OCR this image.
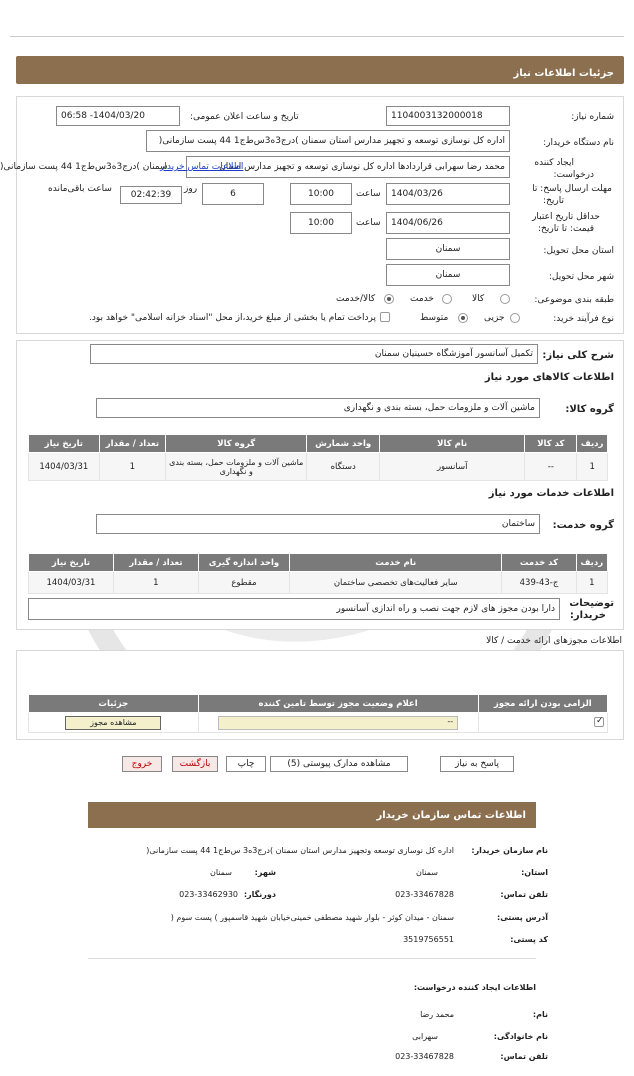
جزئیات اطلاعات نیاز
شماره نیاز:
1104003132000018
تاریخ و ساعت اعلان عمومی:
1404/03/20- 06:58
نام دستگاه خریدار:
اداره کل نوسازی توسعه و تجهیز مدارس استان سمنان )درج3ه3س‌ط‌ج1 44 پست سازمانی(
ایجاد کننده
درخواست:
محمد رضا سهرابی قراردادها اداره کل نوسازی توسعه و تجهیز مدارس استان
سمنان )درج3ه3س‌ط‌ج1 44 پست سازمانی(
اطلاعات تماس خریدار
مهلت ارسال پاسخ: تا
تاریخ:
1404/03/26
ساعت
10:00
6
روز
02:42:39
ساعت باقی‌مانده
حداقل تاریخ اعتبار
قیمت: تا تاریخ:
1404/06/26
ساعت
10:00
استان محل تحویل:
سمنان
شهر محل تحویل:
سمنان
طبقه بندی موضوعی:
کالا
خدمت
کالا/خدمت
نوع فرآیند خرید:
جزیی
متوسط
پرداخت تمام یا بخشی از مبلغ خرید،از محل "اسناد خزانه اسلامی" خواهد بود.
شرح کلی نیاز:
تکمیل آسانسور آموزشگاه حسینیان سمنان
اطلاعات کالاهای مورد نیاز
گروه کالا:
ماشین آلات و ملزومات حمل، بسته بندی و نگهداری
ردیف	کد کالا	نام کالا	واحد شمارش	گروه کالا	تعداد / مقدار	تاریخ نیاز
1	--	آسانسور	دستگاه	ماشین آلات و ملزومات حمل، بسته بندی و نگهداری	1	1404/03/31
اطلاعات خدمات مورد نیاز
گروه خدمت:
ساختمان
ردیف	کد خدمت	نام خدمت	واحد اندازه گیری	تعداد / مقدار	تاریخ نیاز
1	ج-43-439	سایر فعالیت‌های تخصصی ساختمان	مقطوع	1	1404/03/31
توضیحات
خریدار:
دارا بودن مجوز های لازم جهت نصب و راه اندازی آسانسور
اطلاعات مجوزهای ارائه خدمت / کالا
الزامی بودن ارائه مجوز	اعلام وضعیت مجوز توسط تامین کننده	جزئیات

✓	--	مشاهده مجوز
پاسخ به نیاز
مشاهده مدارک پیوستی (5)
چاپ
بازگشت
خروج
اطلاعات تماس سازمان خریدار
نام سازمان خریدار:
اداره کل نوسازی توسعه وتجهیز مدارس استان سمنان )درج3ه3 س‌ط‌ج1 44 پست سازمانی(
استان:
سمنان
شهر:
سمنان
تلفن تماس:
023-33467828
دورنگار:
023-33462930
آدرس پستی:
سمنان - میدان کوثر - بلوار شهید مصطفی خمینی‌خیابان شهید قاسمپور ) پست سوم (
کد پستی:
3519756551
اطلاعات ایجاد کننده درخواست:
نام:
محمد رضا
نام خانوادگی:
سهرابی
تلفن تماس:
023-33467828
